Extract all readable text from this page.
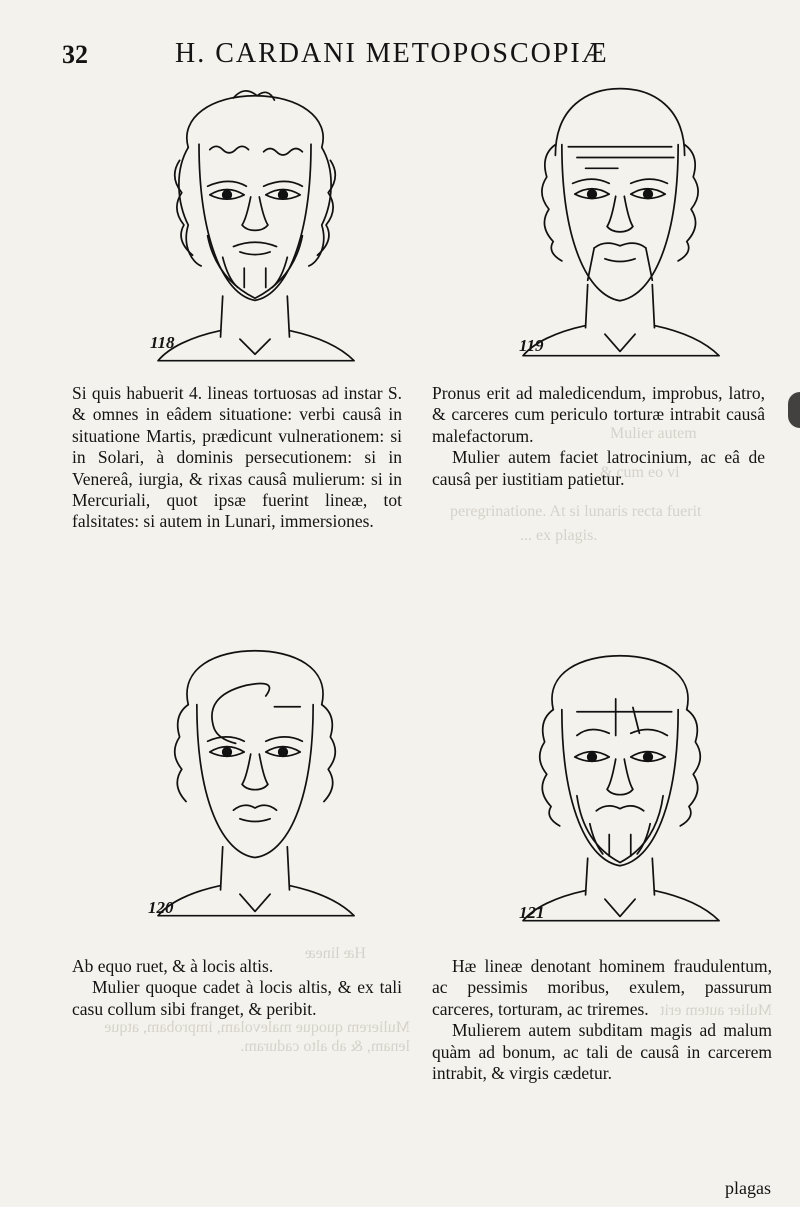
32	H. CARDANI METOPOSCOPIÆ
Mulier autem
& cum eo vi
peregrinatione. At si lunaris recta fuerit
... ex plagis.
Hæ lineæ
Mulier autem erit
Mulierem quoque malevolam, improbam, atque lenam, & ab alto caduram.
118	119
120	121

Si quis habuerit 4. lineas tortuosas ad instar S. & omnes in eâdem situatione: verbi causâ in situatione Martis, prædicunt vulnerationem: si in Solari, à dominis persecutionem: si in Venereâ, iurgia, & rixas causâ mulierum: si in Mercuriali, quot ipsæ fuerint lineæ, tot falsitates: si autem in Lunari, immersiones.

Pronus erit ad maledicendum, improbus, latro, & carceres cum periculo torturæ intrabit causâ malefactorum.

Mulier autem faciet latrocinium, ac eâ de causâ per iustitiam patietur.

Ab equo ruet, & à locis altis.

Mulier quoque cadet à locis altis, & ex tali casu collum sibi franget, & peribit.

Hæ lineæ denotant hominem fraudulentum, ac pessimis moribus, exulem, passurum carceres, torturam, ac triremes.

Mulierem autem subditam magis ad malum quàm ad bonum, ac tali de causâ in carcerem intrabit, & virgis cædetur.

plagas
